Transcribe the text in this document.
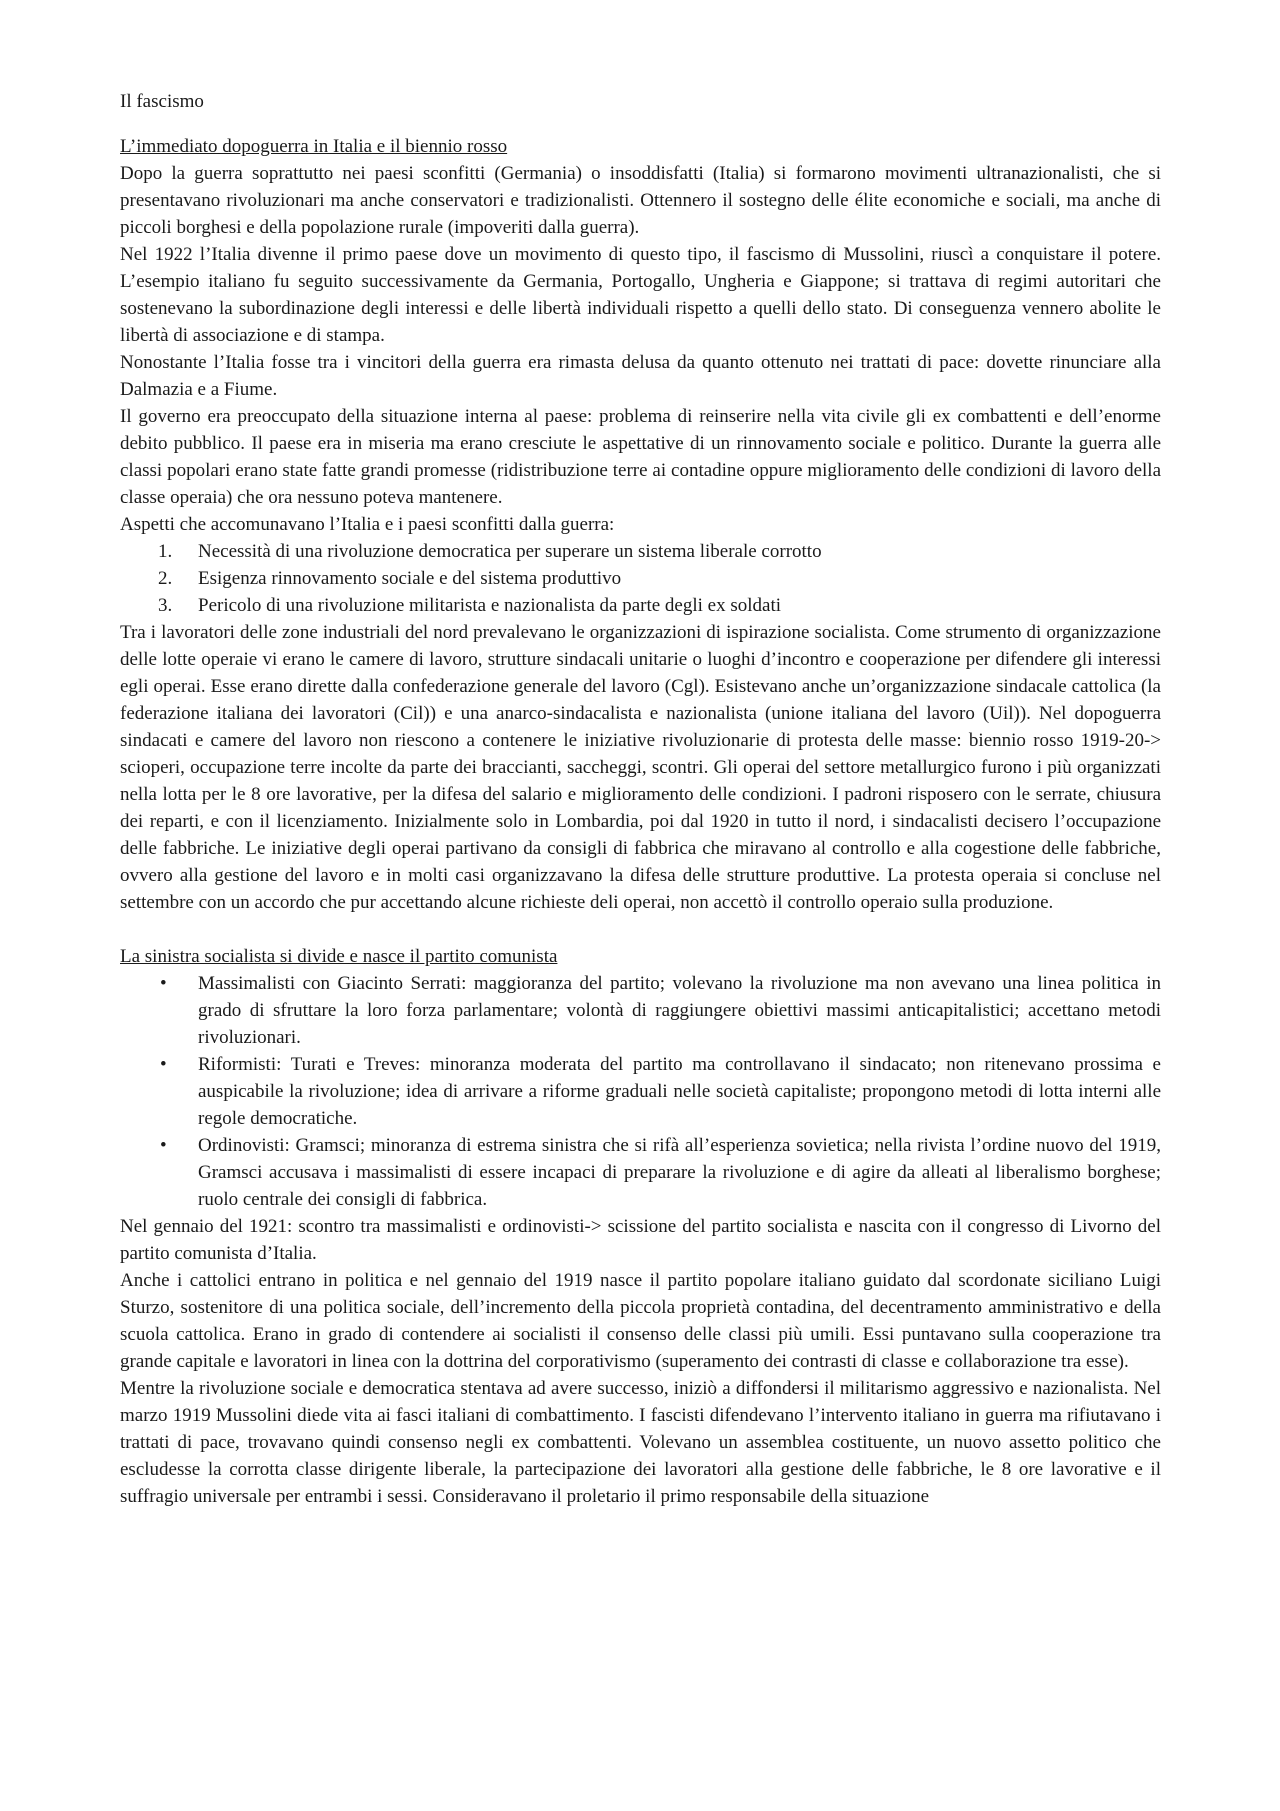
Il fascismo

L’immediato dopoguerra in Italia e il biennio rosso

Dopo la guerra soprattutto nei paesi sconfitti (Germania) o insoddisfatti (Italia) si formarono movimenti ultranazionalisti, che si presentavano rivoluzionari ma anche conservatori e tradizionalisti. Ottennero il sostegno delle élite economiche e sociali, ma anche di piccoli borghesi e della popolazione rurale (impoveriti dalla guerra).

Nel 1922 l’Italia divenne il primo paese dove un movimento di questo tipo, il fascismo di Mussolini, riuscì a conquistare il potere. L’esempio italiano fu seguito successivamente da Germania, Portogallo, Ungheria e Giappone; si trattava di regimi autoritari che sostenevano la subordinazione degli interessi e delle libertà individuali rispetto a quelli dello stato. Di conseguenza vennero abolite le libertà di associazione e di stampa.

Nonostante l’Italia fosse tra i vincitori della guerra era rimasta delusa da quanto ottenuto nei trattati di pace: dovette rinunciare alla Dalmazia e a Fiume.

Il governo era preoccupato della situazione interna al paese: problema di reinserire nella vita civile gli ex combattenti e dell’enorme debito pubblico. Il paese era in miseria ma erano cresciute le aspettative di un rinnovamento sociale e politico. Durante la guerra alle classi popolari erano state fatte grandi promesse (ridistribuzione terre ai contadine oppure miglioramento delle condizioni di lavoro della classe operaia) che ora nessuno poteva mantenere.

Aspetti che accomunavano l’Italia e i paesi sconfitti dalla guerra:

1. Necessità di una rivoluzione democratica per superare un sistema liberale corrotto
2. Esigenza rinnovamento sociale e del sistema produttivo
3. Pericolo di una rivoluzione militarista e nazionalista da parte degli ex soldati

Tra i lavoratori delle zone industriali del nord prevalevano le organizzazioni di ispirazione socialista. Come strumento di organizzazione delle lotte operaie vi erano le camere di lavoro, strutture sindacali unitarie o luoghi d’incontro e cooperazione per difendere gli interessi egli operai. Esse erano dirette dalla confederazione generale del lavoro (Cgl). Esistevano anche un’organizzazione sindacale cattolica (la federazione italiana dei lavoratori (Cil)) e una anarco-sindacalista e nazionalista (unione italiana del lavoro (Uil)). Nel dopoguerra sindacati e camere del lavoro non riescono a contenere le iniziative rivoluzionarie di protesta delle masse: biennio rosso 1919-20-> scioperi, occupazione terre incolte da parte dei braccianti, saccheggi, scontri. Gli operai del settore metallurgico furono i più organizzati nella lotta per le 8 ore lavorative, per la difesa del salario e miglioramento delle condizioni. I padroni risposero con le serrate, chiusura dei reparti, e con il licenziamento. Inizialmente solo in Lombardia, poi dal 1920 in tutto il nord, i sindacalisti decisero l’occupazione delle fabbriche. Le iniziative degli operai partivano da consigli di fabbrica che miravano al controllo e alla cogestione delle fabbriche, ovvero alla gestione del lavoro e in molti casi organizzavano la difesa delle strutture produttive. La protesta operaia si concluse nel settembre con un accordo che pur accettando alcune richieste deli operai, non accettò il controllo operaio sulla produzione.

La sinistra socialista si divide e nasce il partito comunista

• Massimalisti con Giacinto Serrati: maggioranza del partito; volevano la rivoluzione ma non avevano una linea politica in grado di sfruttare la loro forza parlamentare; volontà di raggiungere obiettivi massimi anticapitalistici; accettano metodi rivoluzionari.
• Riformisti: Turati e Treves: minoranza moderata del partito ma controllavano il sindacato; non ritenevano prossima e auspicabile la rivoluzione; idea di arrivare a riforme graduali nelle società capitaliste; propongono metodi di lotta interni alle regole democratiche.
• Ordinovisti: Gramsci; minoranza di estrema sinistra che si rifà all’esperienza sovietica; nella rivista l’ordine nuovo del 1919, Gramsci accusava i massimalisti di essere incapaci di preparare la rivoluzione e di agire da alleati al liberalismo borghese; ruolo centrale dei consigli di fabbrica.

Nel gennaio del 1921: scontro tra massimalisti e ordinovisti-> scissione del partito socialista e nascita con il congresso di Livorno del partito comunista d’Italia.

Anche i cattolici entrano in politica e nel gennaio del 1919 nasce il partito popolare italiano guidato dal scordonate siciliano Luigi Sturzo, sostenitore di una politica sociale, dell’incremento della piccola proprietà contadina, del decentramento amministrativo e della scuola cattolica. Erano in grado di contendere ai socialisti il consenso delle classi più umili. Essi puntavano sulla cooperazione tra grande capitale e lavoratori in linea con la dottrina del corporativismo (superamento dei contrasti di classe e collaborazione tra esse).

Mentre la rivoluzione sociale e democratica stentava ad avere successo, iniziò a diffondersi il militarismo aggressivo e nazionalista. Nel marzo 1919 Mussolini diede vita ai fasci italiani di combattimento. I fascisti difendevano l’intervento italiano in guerra ma rifiutavano i trattati di pace, trovavano quindi consenso negli ex combattenti. Volevano un assemblea costituente, un nuovo assetto politico che escludesse la corrotta classe dirigente liberale, la partecipazione dei lavoratori alla gestione delle fabbriche, le 8 ore lavorative e il suffragio universale per entrambi i sessi. Consideravano il proletario il primo responsabile della situazione
